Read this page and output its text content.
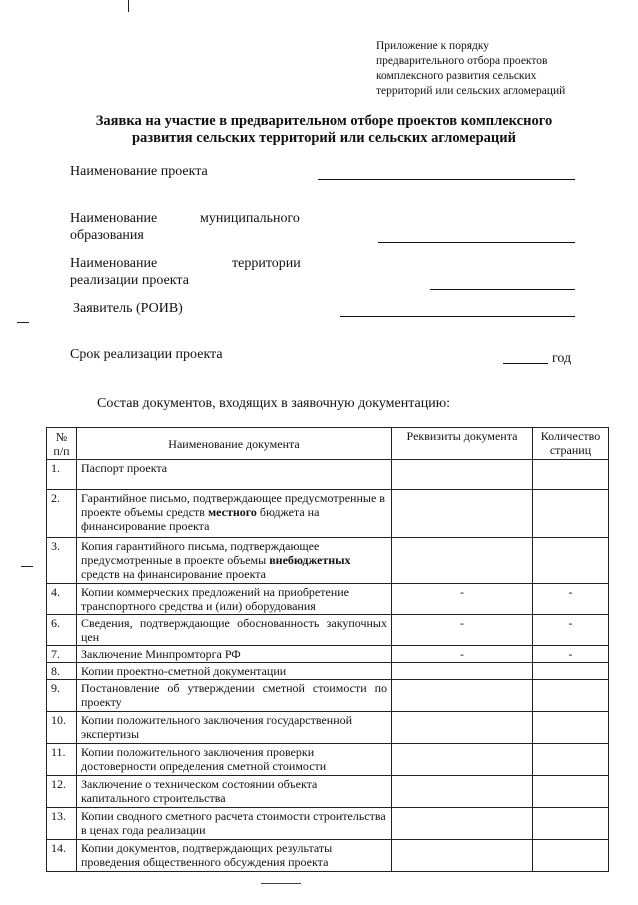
Приложение к порядку
предварительного отбора проектов
комплексного развития сельских
территорий или сельских агломераций
Заявка на участие в предварительном отборе проектов комплексного развития сельских территорий или сельских агломераций
Наименование проекта
Наименование	муниципального
образования
Наименование	территории
реализации проекта
Заявитель (РОИВ)
Срок реализации проекта	год
Состав документов, входящих в заявочную документацию:
№ п/п	Наименование документа	Реквизиты документа	Количество страниц
1.	Паспорт проекта		
2.	Гарантийное письмо, подтверждающее предусмотренные в проекте объемы средств местного бюджета на финансирование проекта		
3.	Копия гарантийного письма, подтверждающее предусмотренные в проекте объемы внебюджетных средств на финансирование проекта		
4.	Копии коммерческих предложений на приобретение транспортного средства и (или) оборудования	-	-
6.	Сведения, подтверждающие обоснованность закупочных цен	-	-
7.	Заключение Минпромторга РФ	-	-
8.	Копии проектно-сметной документации		
9.	Постановление об утверждении сметной стоимости по проекту		
10.	Копии положительного заключения государственной экспертизы		
11.	Копии положительного заключения проверки достоверности определения сметной стоимости		
12.	Заключение о техническом состоянии объекта капитального строительства		
13.	Копии сводного сметного расчета стоимости строительства в ценах года реализации		
14.	Копии документов, подтверждающих результаты проведения общественного обсуждения проекта		
